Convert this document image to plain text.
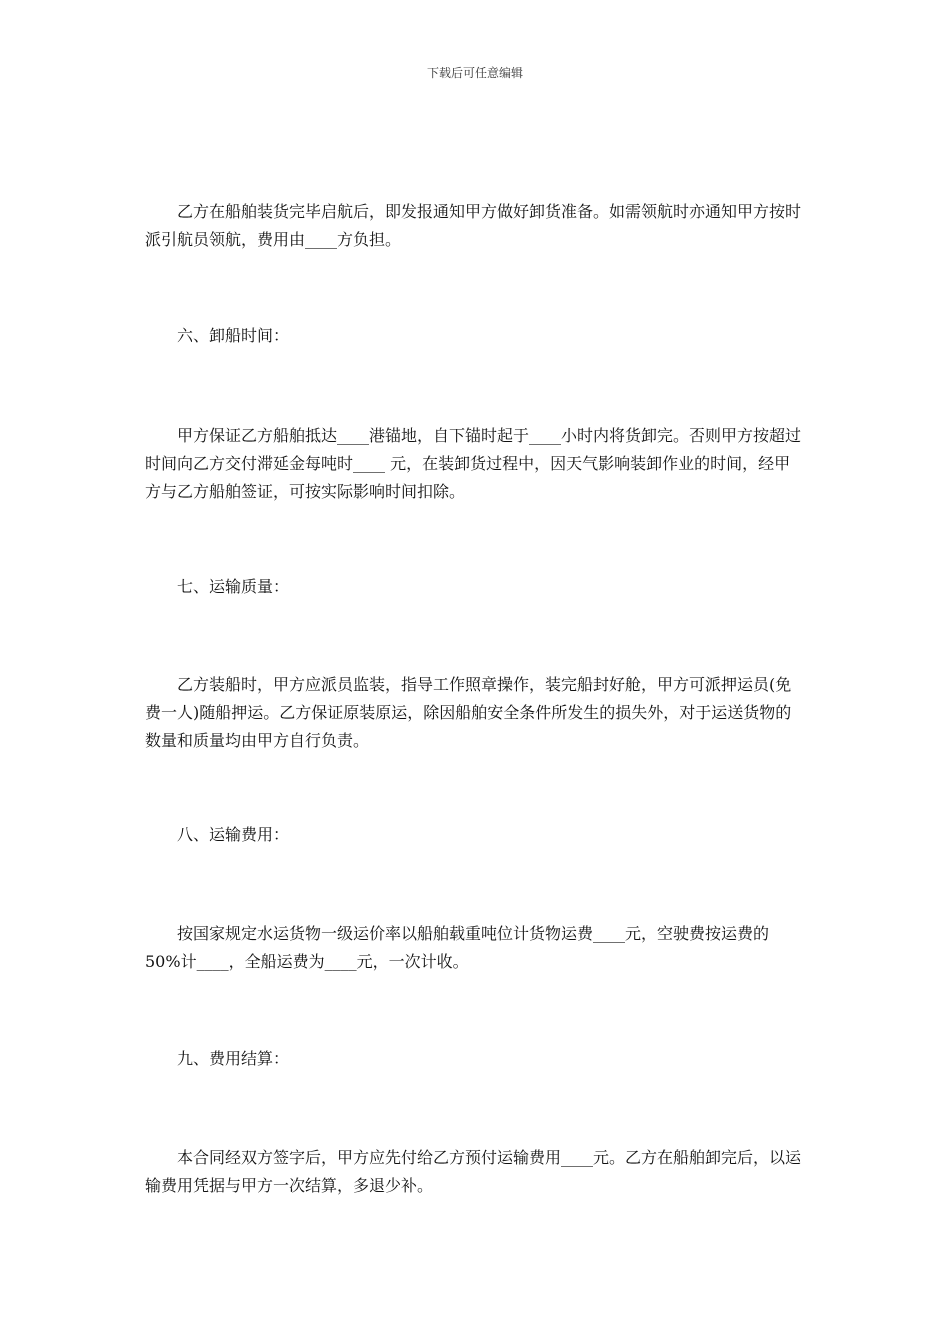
下载后可任意编辑

乙方在船舶装货完毕启航后，即发报通知甲方做好卸货准备。如需领航时亦通知甲方按时派引航员领航，费用由____方负担。

六、卸船时间：

甲方保证乙方船舶抵达____港锚地，自下锚时起于____小时内将货卸完。否则甲方按超过时间向乙方交付滞延金每吨时____ 元，在装卸货过程中，因天气影响装卸作业的时间，经甲方与乙方船舶签证，可按实际影响时间扣除。

七、运输质量：

乙方装船时，甲方应派员监装，指导工作照章操作，装完船封好舱，甲方可派押运员(免费一人)随船押运。乙方保证原装原运，除因船舶安全条件所发生的损失外，对于运送货物的数量和质量均由甲方自行负责。

八、运输费用：

按国家规定水运货物一级运价率以船舶载重吨位计货物运费____元，空驶费按运费的 50%计____，全船运费为____元，一次计收。

九、费用结算：

本合同经双方签字后，甲方应先付给乙方预付运输费用____元。乙方在船舶卸完后，以运输费用凭据与甲方一次结算，多退少补。
